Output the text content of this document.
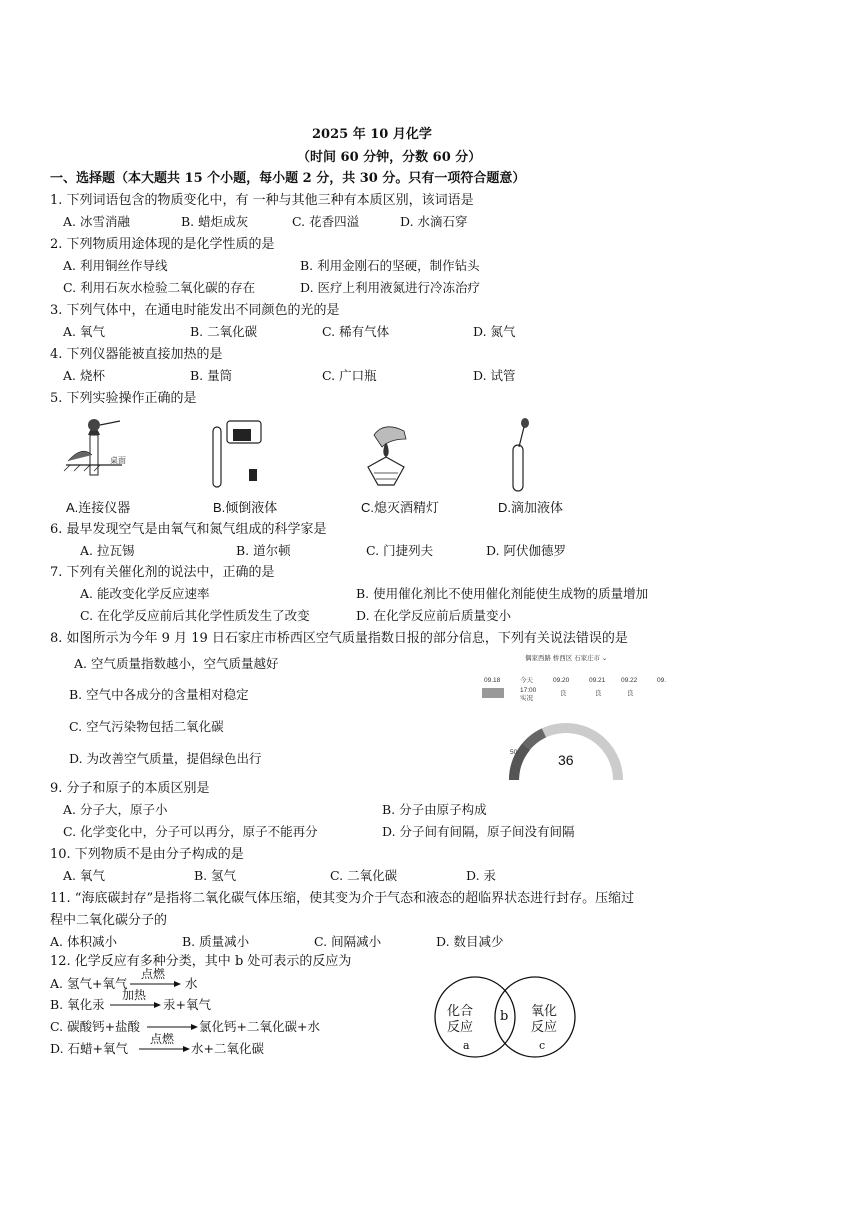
2025 年 10 月化学
（时间 60 分钟，分数 60 分）
一、选择题（本大题共 15 个小题，每小题 2 分，共 30 分。只有一项符合题意）
1. 下列词语包含的物质变化中，有 一种与其他三种有本质区别，该词语是
A. 冰雪消融	B. 蜡炬成灰	C. 花香四溢	D. 水滴石穿
2. 下列物质用途体现的是化学性质的是
A. 利用铜丝作导线	B. 利用金刚石的坚硬，制作钻头
C. 利用石灰水检验二氧化碳的存在	D. 医疗上利用液氮进行冷冻治疗
3. 下列气体中，在通电时能发出不同颜色的光的是
A. 氧气	B. 二氧化碳	C. 稀有气体	D. 氮气
4. 下列仪器能被直接加热的是
A. 烧杯	B. 量筒	C. 广口瓶	D. 试管
5. 下列实验操作正确的是
桌面
A.连接仪器	B.倾倒液体	C.熄灭酒精灯	D.滴加液体
6. 最早发现空气是由氧气和氮气组成的科学家是
A. 拉瓦锡	B. 道尔顿	C. 门捷列夫	D. 阿伏伽德罗
7. 下列有关催化剂的说法中，正确的是
A. 能改变化学反应速率	B. 使用催化剂比不使用催化剂能使生成物的质量增加
C. 在化学反应前后其化学性质发生了改变	D. 在化学反应前后质量变小
8. 如图所示为今年 9 月 19 日石家庄市桥西区空气质量指数日报的部分信息，下列有关说法错误的是
A. 空气质量指数越小，空气质量越好
B. 空气中各成分的含量相对稳定
C. 空气污染物包括二氧化碳
D. 为改善空气质量，提倡绿色出行
偶家西路 桥西区 石家庄市 ⌄
09.18	今天	09.20	09.21 09.22	09.
17:00
实况
良	良	良
36
50
9. 分子和原子的本质区别是
A. 分子大，原子小	B. 分子由原子构成
C. 化学变化中，分子可以再分，原子不能再分	D. 分子间有间隔，原子间没有间隔
10. 下列物质不是由分子构成的是
A. 氧气	B. 氢气	C. 二氧化碳	D. 汞
11. “海底碳封存”是指将二氧化碳气体压缩，使其变为介于气态和液态的超临界状态进行封存。压缩过
程中二氧化碳分子的
A. 体积减小	B. 质量减小	C. 间隔减小	D. 数目减少
12. 化学反应有多种分类，其中 b 处可表示的反应为
A. 氢气+氧气
点燃
→ 水
B. 氧化汞
加热
→ 汞+氧气
C. 碳酸钙+盐酸 → 氯化钙+二氧化碳+水
D. 石蜡+氧气
点燃
→ 水+二氧化碳
化合
反应
a
b 氧化
反应
c
